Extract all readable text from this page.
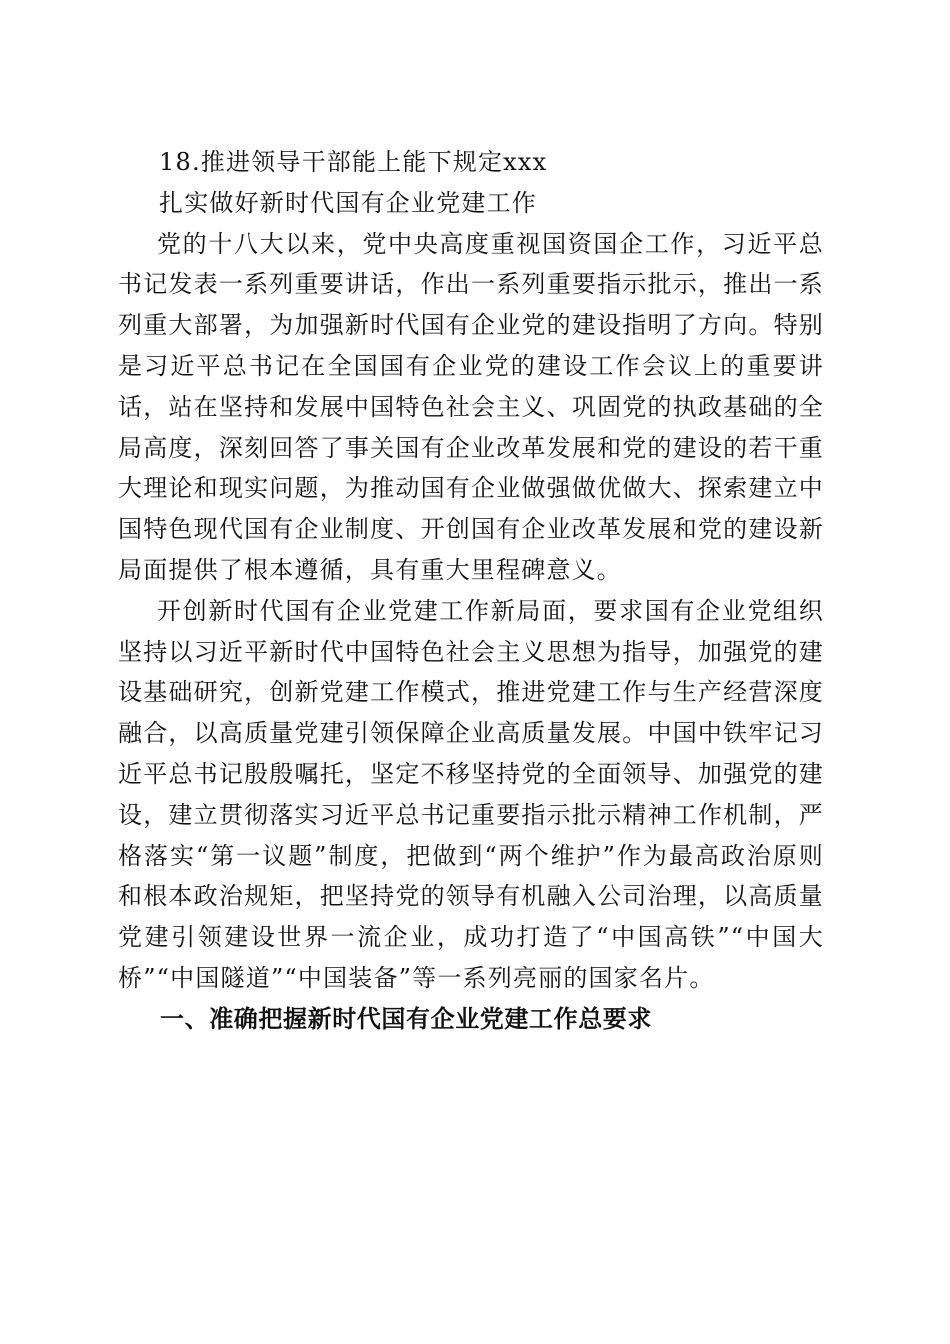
18.推进领导干部能上能下规定xxx

扎实做好新时代国有企业党建工作

党的十八大以来，党中央高度重视国资国企工作，习近平总书记发表一系列重要讲话，作出一系列重要指示批示，推出一系列重大部署，为加强新时代国有企业党的建设指明了方向。特别是习近平总书记在全国国有企业党的建设工作会议上的重要讲话，站在坚持和发展中国特色社会主义、巩固党的执政基础的全局高度，深刻回答了事关国有企业改革发展和党的建设的若干重大理论和现实问题，为推动国有企业做强做优做大、探索建立中国特色现代国有企业制度、开创国有企业改革发展和党的建设新局面提供了根本遵循，具有重大里程碑意义。

开创新时代国有企业党建工作新局面，要求国有企业党组织坚持以习近平新时代中国特色社会主义思想为指导，加强党的建设基础研究，创新党建工作模式，推进党建工作与生产经营深度融合，以高质量党建引领保障企业高质量发展。中国中铁牢记习近平总书记殷殷嘱托，坚定不移坚持党的全面领导、加强党的建设，建立贯彻落实习近平总书记重要指示批示精神工作机制，严格落实“第一议题”制度，把做到“两个维护”作为最高政治原则和根本政治规矩，把坚持党的领导有机融入公司治理，以高质量党建引领建设世界一流企业，成功打造了“中国高铁”“中国大桥”“中国隧道”“中国装备”等一系列亮丽的国家名片。

一、准确把握新时代国有企业党建工作总要求
